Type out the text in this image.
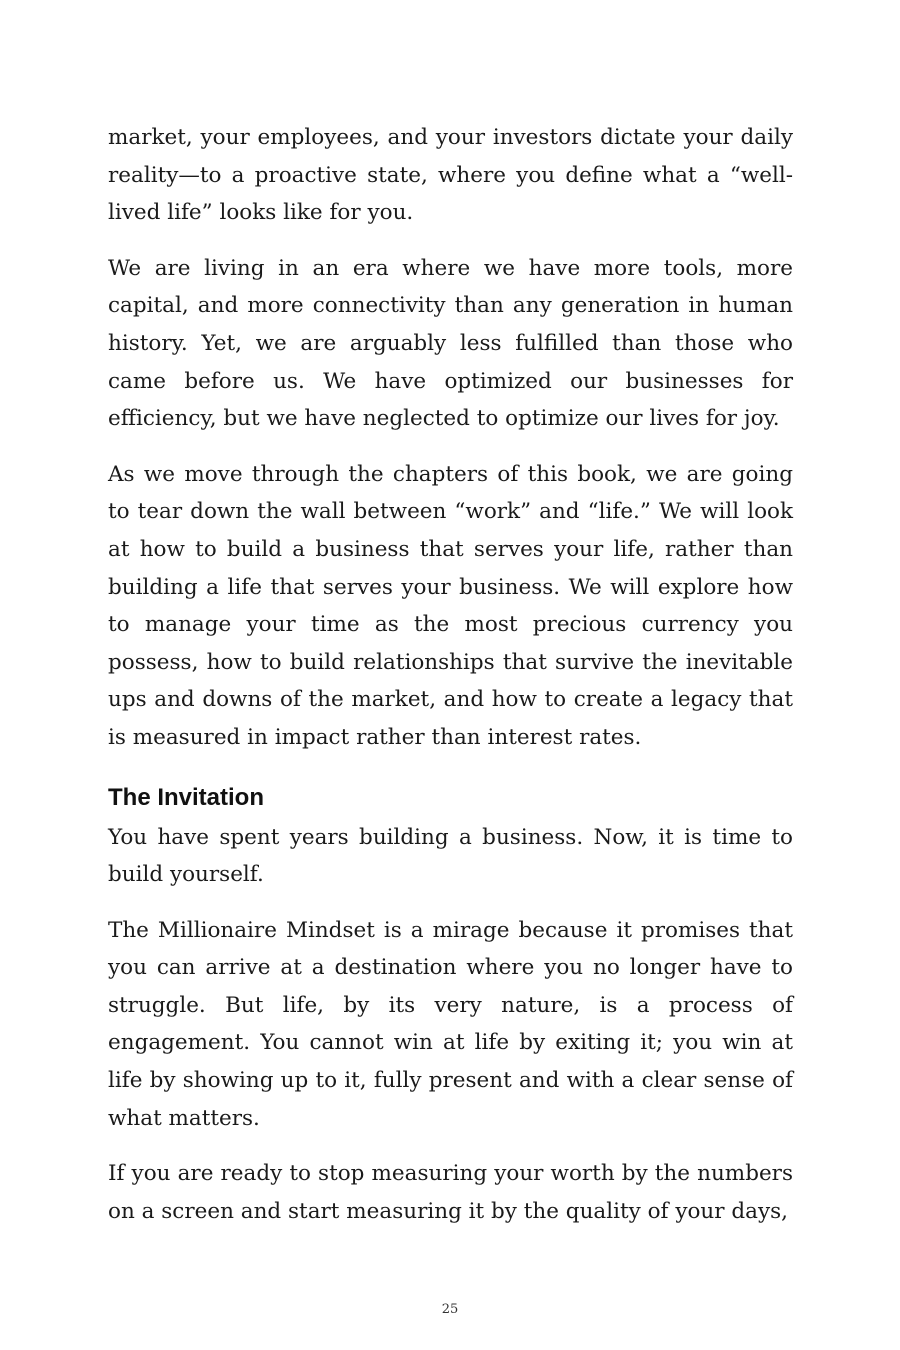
market, your employees, and your investors dictate your daily reality—to a proactive state, where you define what a “well-lived life” looks like for you.

We are living in an era where we have more tools, more capital, and more connectivity than any generation in human history. Yet, we are arguably less fulfilled than those who came before us. We have optimized our businesses for efficiency, but we have neglected to optimize our lives for joy.

As we move through the chapters of this book, we are going to tear down the wall between “work” and “life.” We will look at how to build a business that serves your life, rather than building a life that serves your business. We will explore how to manage your time as the most precious currency you possess, how to build relationships that survive the inevitable ups and downs of the market, and how to create a legacy that is measured in impact rather than interest rates.

The Invitation

You have spent years building a business. Now, it is time to build yourself.

The Millionaire Mindset is a mirage because it promises that you can arrive at a destination where you no longer have to struggle. But life, by its very nature, is a process of engagement. You cannot win at life by exiting it; you win at life by showing up to it, fully present and with a clear sense of what matters.

If you are ready to stop measuring your worth by the numbers on a screen and start measuring it by the quality of your days,

25
